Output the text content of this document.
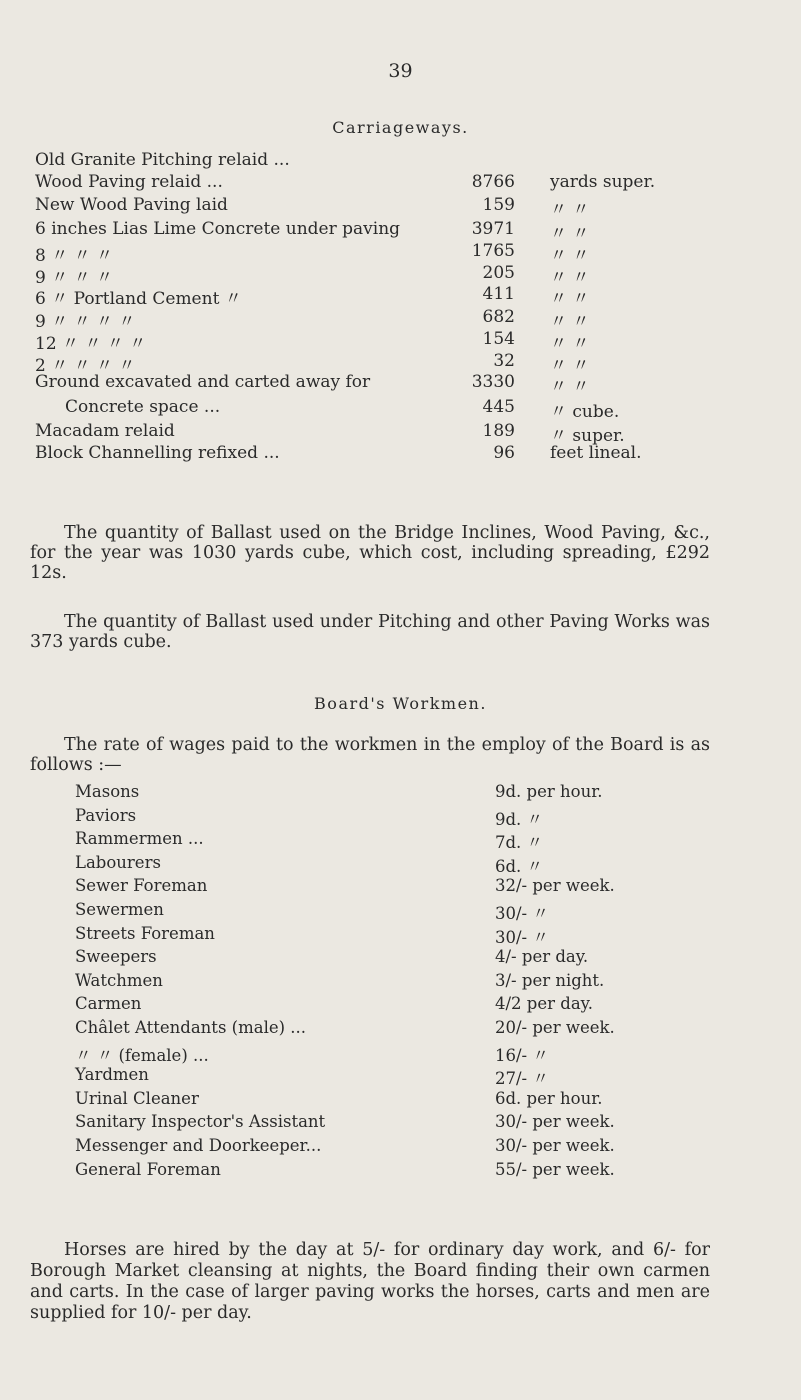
39
Carriageways.
Old Granite Pitching relaid ...
Wood Paving relaid ...	8766 yards super.
New Wood Paving laid	159 〃 〃
6 inches Lias Lime Concrete under paving	3971 〃 〃
8 〃 〃 〃	1765 〃 〃
9 〃 〃 〃	205 〃 〃
6 〃 Portland Cement 〃	411 〃 〃
9 〃 〃 〃 〃	682 〃 〃
12 〃 〃 〃 〃	154 〃 〃
2 〃 〃 〃 〃	32 〃 〃
Ground excavated and carted away for	3330 〃 〃
Concrete space ...	445 〃 cube.
Macadam relaid	189 〃 super.
Block Channelling refixed ...	96 feet lineal.
The quantity of Ballast used on the Bridge Inclines, Wood Paving, &c., for the year was 1030 yards cube, which cost, including spreading, £292 12s.
The quantity of Ballast used under Pitching and other Paving Works was 373 yards cube.
Board's Workmen.
The rate of wages paid to the workmen in the employ of the Board is as follows :—
Masons	9d. per hour.
Paviors	9d. 〃
Rammermen ...	7d. 〃
Labourers	6d. 〃
Sewer Foreman	32/- per week.
Sewermen	30/- 〃
Streets Foreman	30/- 〃
Sweepers	4/- per day.
Watchmen	3/- per night.
Carmen	4/2 per day.
Châlet Attendants (male) ...	20/- per week.
〃 〃 (female) ...	16/- 〃
Yardmen	27/- 〃
Urinal Cleaner	6d. per hour.
Sanitary Inspector's Assistant	30/- per week.
Messenger and Doorkeeper...	30/- per week.
General Foreman	55/- per week.
Horses are hired by the day at 5/- for ordinary day work, and 6/- for Borough Market cleansing at nights, the Board finding their own carmen and carts. In the case of larger paving works the horses, carts and men are supplied for 10/- per day.
